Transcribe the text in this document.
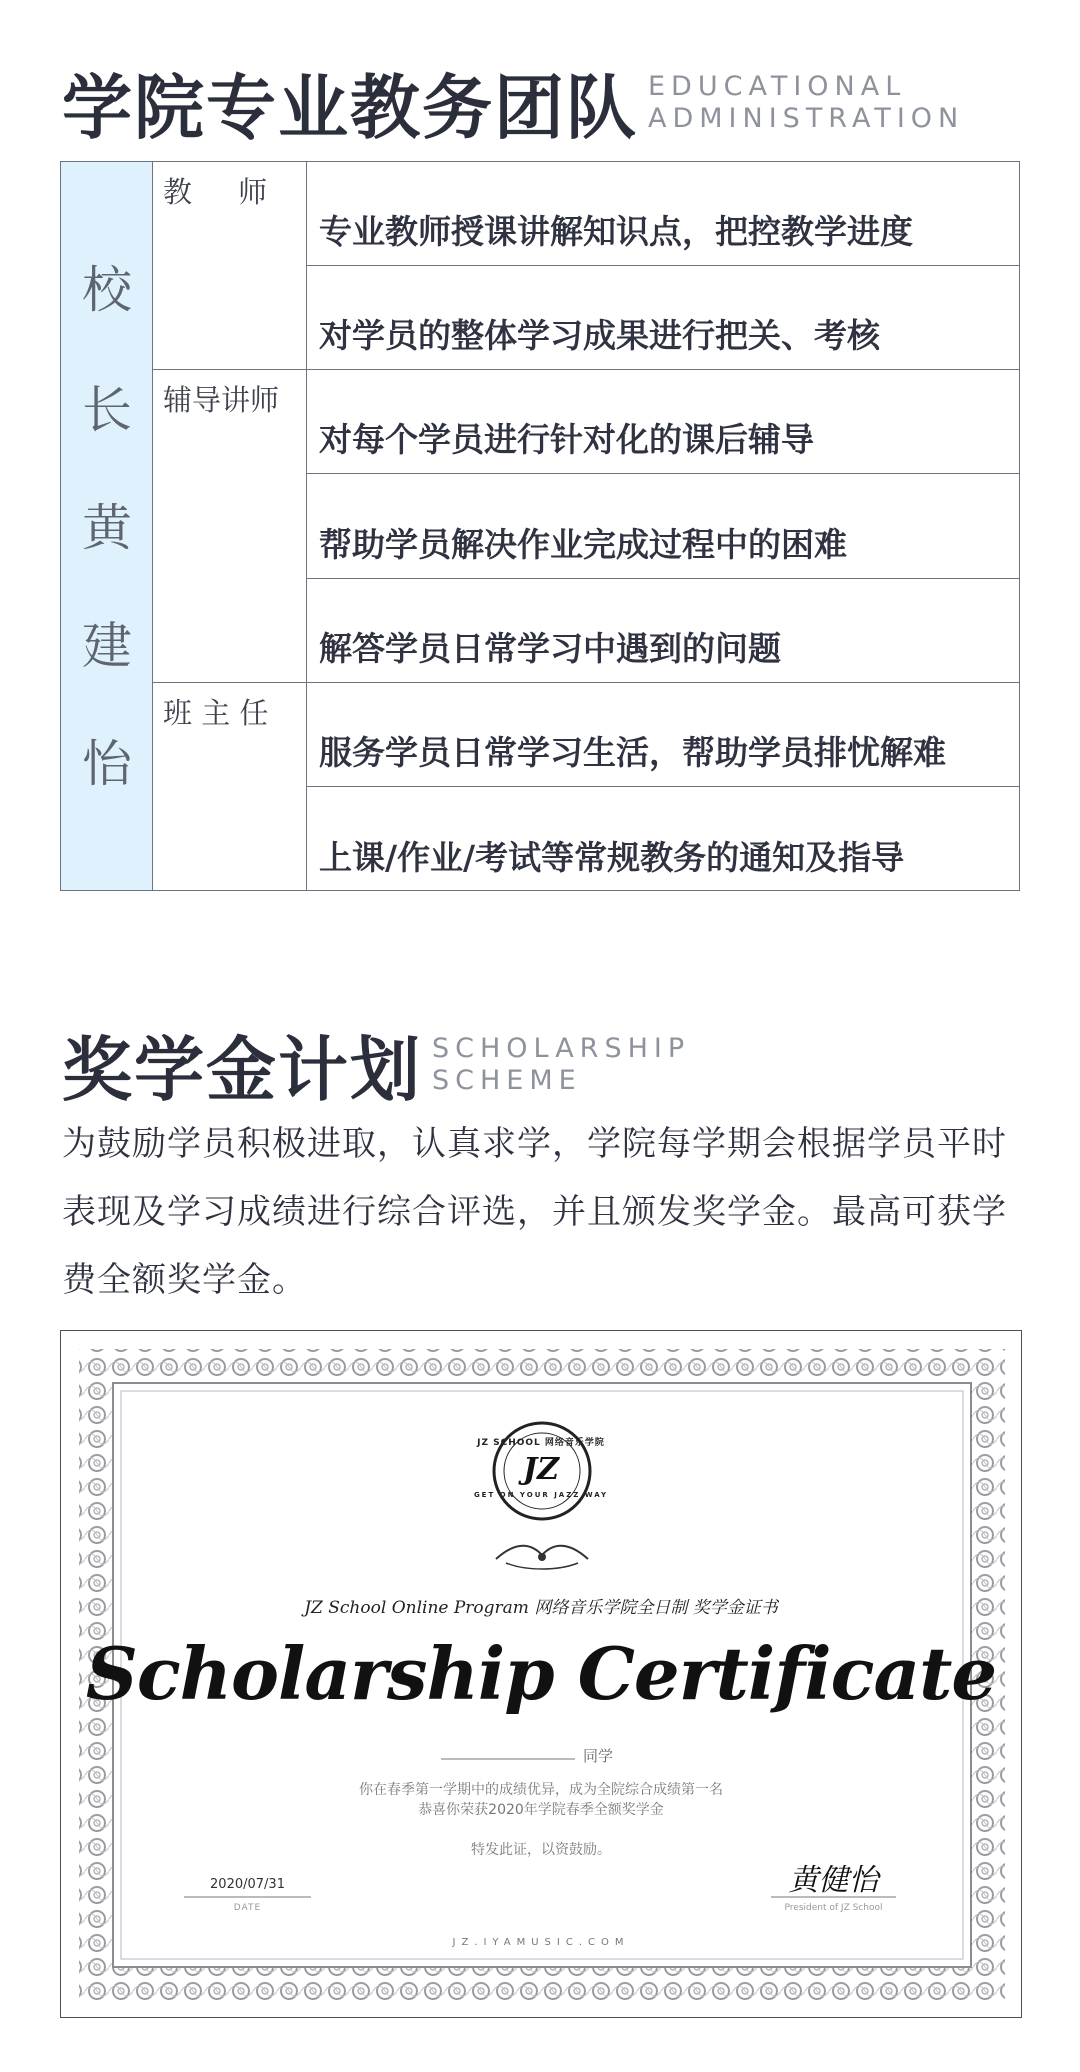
学院专业教务团队 EDUCATIONAL
ADMINISTRATION
校
长
黄
建
怡
教     师
辅导讲师
班 主 任
专业教师授课讲解知识点，把控教学进度
对学员的整体学习成果进行把关、考核
对每个学员进行针对化的课后辅导
帮助学员解决作业完成过程中的困难
解答学员日常学习中遇到的问题
服务学员日常学习生活，帮助学员排忧解难
上课/作业/考试等常规教务的通知及指导
奖学金计划 SCHOLARSHIP
SCHEME
为鼓励学员积极进取，认真求学，学院每学期会根据学员平时表现及学习成绩进行综合评选，并且颁发奖学金。最高可获学费全额奖学金。
JZ SCHOOL 网络音乐学院
JZ
GET ON YOUR JAZZ WAY
JZ School Online Program 网络音乐学院全日制 奖学金证书
Scholarship Certificate
同学
你在春季第一学期中的成绩优异，成为全院综合成绩第一名
恭喜你荣获2020年学院春季全额奖学金
特发此证，以资鼓励。
2020/07/31
DATE
黄健怡
President of JZ School
JZ.IYAMUSIC.COM
